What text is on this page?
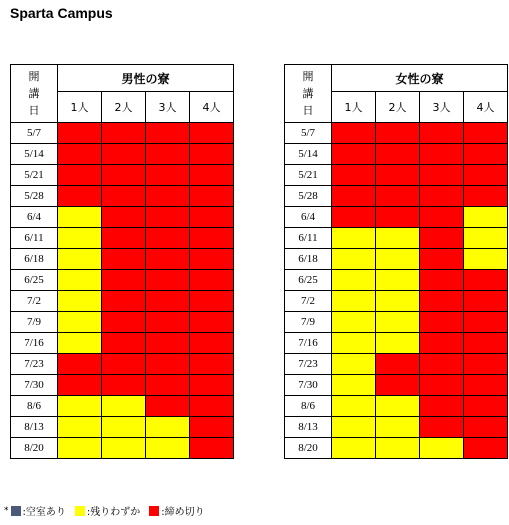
Sparta Campus
開
講
日	男性の寮			
	1人	2人	3人	4人
5/7				
5/14				
5/21				
5/28				
6/4				
6/11				
6/18				
6/25				
7/2				
7/9				
7/16				
7/23				
7/30				
8/6				
8/13				
8/20				
開
講
日	女性の寮			
	1人	2人	3人	4人
5/7				
5/14				
5/21				
5/28				
6/4				
6/11				
6/18				
6/25				
7/2				
7/9				
7/16				
7/23				
7/30				
8/6				
8/13				
8/20				
* :空室あり :残りわずか :締め切り
